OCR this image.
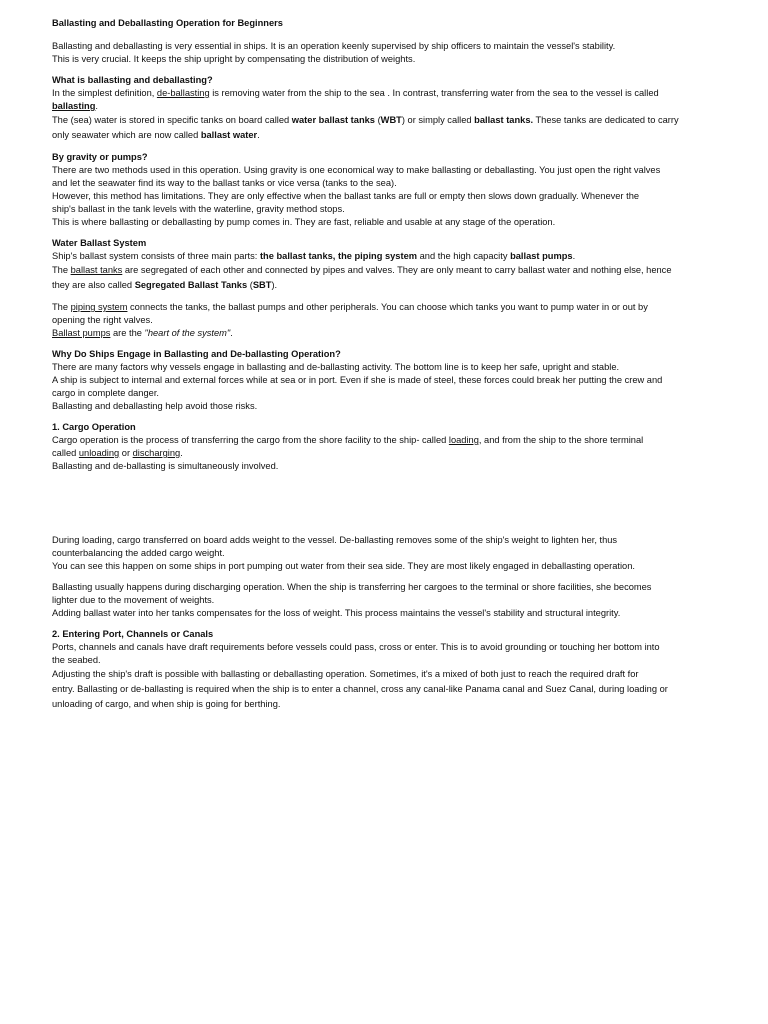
Ballasting and Deballasting Operation for Beginners

Ballasting and deballasting is very essential in ships. It is an operation keenly supervised by ship officers to maintain the vessel's stability.

This is very crucial. It keeps the ship upright by compensating the distribution of weights.

What is ballasting and deballasting?

In the simplest definition, de-ballasting is removing water from the ship to the sea . In contrast, transferring water from the sea to the vessel is called

ballasting.

The (sea) water is stored in specific tanks on board called water ballast tanks (WBT) or simply called ballast tanks. These tanks are dedicated to carry

only seawater which are now called ballast water.

By gravity or pumps?

There are two methods used in this operation. Using gravity is one economical way to make ballasting or deballasting. You just open the right valves

and let the seawater find its way to the ballast tanks or vice versa (tanks to the sea).

However, this method has limitations. They are only effective when the ballast tanks are full or empty then slows down gradually. Whenever the

ship's ballast in the tank levels with the waterline, gravity method stops.

This is where ballasting or deballasting by pump comes in. They are fast, reliable and usable at any stage of the operation.

Water Ballast System

Ship's ballast system consists of three main parts: the ballast tanks, the piping system and the high capacity ballast pumps.

The ballast tanks are segregated of each other and connected by pipes and valves. They are only meant to carry ballast water and nothing else, hence

they are also called Segregated Ballast Tanks (SBT).

The piping system connects the tanks, the ballast pumps and other peripherals. You can choose which tanks you want to pump water in or out by

opening the right valves.

Ballast pumps are the "heart of the system".

Why Do Ships Engage in Ballasting and De-ballasting Operation?

There are many factors why vessels engage in ballasting and de-ballasting activity. The bottom line is to keep her safe, upright and stable.

A ship is subject to internal and external forces while at sea or in port. Even if she is made of steel, these forces could break her putting the crew and

cargo in complete danger.

Ballasting and deballasting help avoid those risks.

1. Cargo Operation

Cargo operation is the process of transferring the cargo from the shore facility to the ship- called loading, and from the ship to the shore terminal

called unloading or discharging.

Ballasting and de-ballasting is simultaneously involved.

During loading, cargo transferred on board adds weight to the vessel. De-ballasting removes some of the ship's weight to lighten her, thus

counterbalancing the added cargo weight.

You can see this happen on some ships in port pumping out water from their sea side. They are most likely engaged in deballasting operation.

Ballasting usually happens during discharging operation. When the ship is transferring her cargoes to the terminal or shore facilities, she becomes

lighter due to the movement of weights.

Adding ballast water into her tanks compensates for the loss of weight. This process maintains the vessel's stability and structural integrity.

2. Entering Port, Channels or Canals

Ports, channels and canals have draft requirements before vessels could pass, cross or enter. This is to avoid grounding or touching her bottom into

the seabed.

Adjusting the ship's draft is possible with ballasting or deballasting operation. Sometimes, it's a mixed of both just to reach the required draft for

entry. Ballasting or de-ballasting is required when the ship is to enter a channel, cross any canal-like Panama canal and Suez Canal, during loading or

unloading of cargo, and when ship is going for berthing.
